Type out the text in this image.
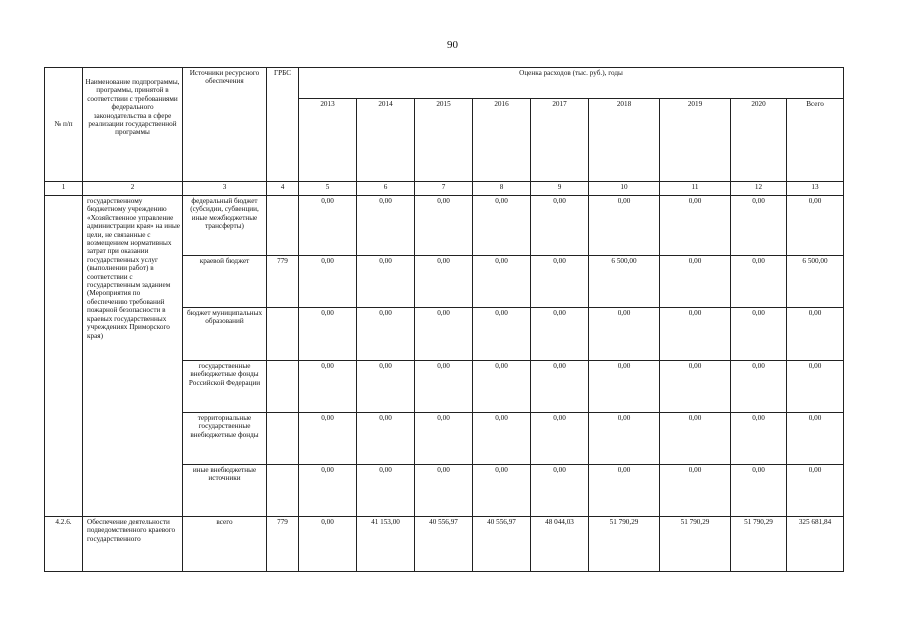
90
№ п/п	Наименование подпрограммы, программы, принятой в соответствии с требованиями федерального законодательства в сфере реализации государственной программы	Источники ресурсного обеспечения	ГРБС	Оценка расходов (тыс. руб.), годы								
				2013	2014	2015	2016	2017	2018	2019	2020	Всего
1	2	3	4	5	6	7	8	9	10	11	12	13
	государственному бюджетному учреждению «Хозяйственное управление администрации края» на иные цели, не связанные с возмещением нормативных затрат при оказании государственных услуг (выполнении работ) в соответствии с государственным заданием (Мероприятия по обеспечению требований пожарной безопасности в краевых государственных учреждениях Приморского края)	федеральный бюджет (субсидии, субвенции, иные межбюджетные трансферты)		0,00	0,00	0,00	0,00	0,00	0,00	0,00	0,00	0,00
		краевой бюджет	779	0,00	0,00	0,00	0,00	0,00	6 500,00	0,00	0,00	6 500,00
		бюджет муниципальных образований		0,00	0,00	0,00	0,00	0,00	0,00	0,00	0,00	0,00
		государственные внебюджетные фонды Российской Федерации		0,00	0,00	0,00	0,00	0,00	0,00	0,00	0,00	0,00
		территориальные государственные внебюджетные фонды		0,00	0,00	0,00	0,00	0,00	0,00	0,00	0,00	0,00
		иные внебюджетные источники		0,00	0,00	0,00	0,00	0,00	0,00	0,00	0,00	0,00
4.2.6.	Обеспечение деятельности подведомственного краевого государственного	всего	779	0,00	41 153,00	40 556,97	40 556,97	48 044,03	51 790,29	51 790,29	51 790,29	325 681,84
